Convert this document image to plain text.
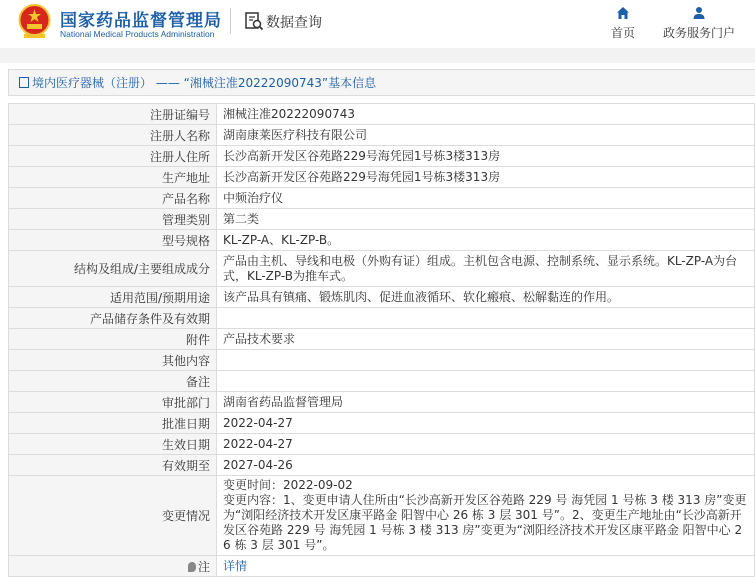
国家药品监督管理局
National Medical Products Administration
数据查询
首页 政务服务门户
境内医疗器械（注册） —— “湘械注准20222090743”基本信息
注册证编号	湘械注准20222090743
注册人名称	湖南康莱医疗科技有限公司
注册人住所	长沙高新开发区谷苑路229号海凭园1号栋3楼313房
生产地址	长沙高新开发区谷苑路229号海凭园1号栋3楼313房
产品名称	中频治疗仪
管理类别	第二类
型号规格	KL-ZP-A、KL-ZP-B。
结构及组成/主要组成成分	产品由主机、导线和电极（外购有证）组成。主机包含电源、控制系统、显示系统。KL-ZP-A为台式，KL-ZP-B为推车式。
适用范围/预期用途	该产品具有镇痛、锻炼肌肉、促进血液循环、软化瘢痕、松解黏连的作用。
产品储存条件及有效期	
附件	产品技术要求
其他内容	
备注	
审批部门	湖南省药品监督管理局
批准日期	2022-04-27
生效日期	2022-04-27
有效期至	2027-04-26
变更情况	变更时间：2022-09-02
变更内容：1、变更申请人住所由“长沙高新开发区谷苑路 229 号 海凭园 1 号栋 3 楼 313 房”变更为“浏阳经济技术开发区康平路金 阳智中心 26 栋 3 层 301 号”。2、变更生产地址由“长沙高新开发区谷苑路 229 号 海凭园 1 号栋 3 楼 313 房”变更为“浏阳经济技术开发区康平路金 阳智中心 26 栋 3 层 301 号”。

注	详情
